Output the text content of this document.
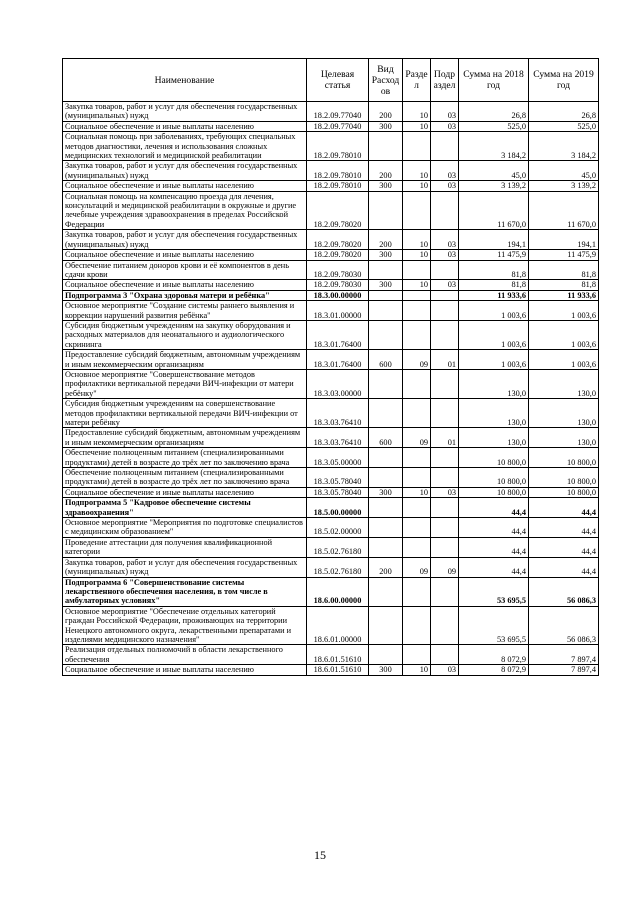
Наименование	Целевая статья	Вид Расход ов	Разде л	Подр аздел	Сумма на 2018 год	Сумма на 2019 год
Закупка товаров, работ и услуг для обеспечения государственных (муниципальных) нужд	18.2.09.77040	200	10	03	26,8	26,8
Социальное обеспечение и иные выплаты населению	18.2.09.77040	300	10	03	525,0	525,0
Социальная помощь при заболеваниях, требующих специальных методов диагностики, лечения и использования сложных медицинских технологий и медицинской реабилитации	18.2.09.78010				3 184,2	3 184,2
Закупка товаров, работ и услуг для обеспечения государственных (муниципальных) нужд	18.2.09.78010	200	10	03	45,0	45,0
Социальное обеспечение и иные выплаты населению	18.2.09.78010	300	10	03	3 139,2	3 139,2
Социальная помощь на компенсацию проезда для лечения, консультаций и медицинской реабилитации в окружные и другие лечебные учреждения здравоохранения в пределах Российской Федерации	18.2.09.78020				11 670,0	11 670,0
Закупка товаров, работ и услуг для обеспечения государственных (муниципальных) нужд	18.2.09.78020	200	10	03	194,1	194,1
Социальное обеспечение и иные выплаты населению	18.2.09.78020	300	10	03	11 475,9	11 475,9
Обеспечение питанием доноров крови и её компонентов в день сдачи крови	18.2.09.78030				81,8	81,8
Социальное обеспечение и иные выплаты населению	18.2.09.78030	300	10	03	81,8	81,8
Подпрограмма 3 "Охрана здоровья матери и ребёнка"	18.3.00.00000				11 933,6	11 933,6
Основное мероприятие "Создание системы раннего выявления и коррекции нарушений развития ребёнка"	18.3.01.00000				1 003,6	1 003,6
Субсидия бюджетным учреждениям на закупку оборудования и расходных материалов для неонатального и аудиологического скрининга	18.3.01.76400				1 003,6	1 003,6
Предоставление субсидий бюджетным, автономным учреждениям и иным некоммерческим организациям	18.3.01.76400	600	09	01	1 003,6	1 003,6
Основное мероприятие "Совершенствование методов профилактики вертикальной передачи ВИЧ-инфекции от матери ребёнку"	18.3.03.00000				130,0	130,0
Субсидия бюджетным учреждениям на совершенствование методов профилактики вертикальной передачи ВИЧ-инфекции от матери ребёнку	18.3.03.76410				130,0	130,0
Предоставление субсидий бюджетным, автономным учреждениям и иным некоммерческим организациям	18.3.03.76410	600	09	01	130,0	130,0
Обеспечение полноценным питанием (специализированными продуктами) детей в возрасте до трёх лет по заключению врача	18.3.05.00000				10 800,0	10 800,0
Обеспечение полноценным питанием (специализированными продуктами) детей в возрасте до трёх лет по заключению врача	18.3.05.78040				10 800,0	10 800,0
Социальное обеспечение и иные выплаты населению	18.3.05.78040	300	10	03	10 800,0	10 800,0
Подпрограмма 5 "Кадровое обеспечение системы здравоохранения"	18.5.00.00000				44,4	44,4
Основное мероприятие "Мероприятия по подготовке специалистов с медицинским образованием"	18.5.02.00000				44,4	44,4
Проведение аттестации для получения квалификационной категории	18.5.02.76180				44,4	44,4
Закупка товаров, работ и услуг для обеспечения государственных (муниципальных) нужд	18.5.02.76180	200	09	09	44,4	44,4
Подпрограмма 6 "Совершенствование системы лекарственного обеспечения населения, в том числе в амбулаторных условиях"	18.6.00.00000				53 695,5	56 086,3
Основное мероприятие "Обеспечение отдельных категорий граждан Российской Федерации, проживающих на территории Ненецкого автономного округа, лекарственными препаратами и изделиями медицинского назначения"	18.6.01.00000				53 695,5	56 086,3
Реализация отдельных полномочий в области лекарственного обеспечения	18.6.01.51610				8 072,9	7 897,4
Социальное обеспечение и иные выплаты населению	18.6.01.51610	300	10	03	8 072,9	7 897,4
15
